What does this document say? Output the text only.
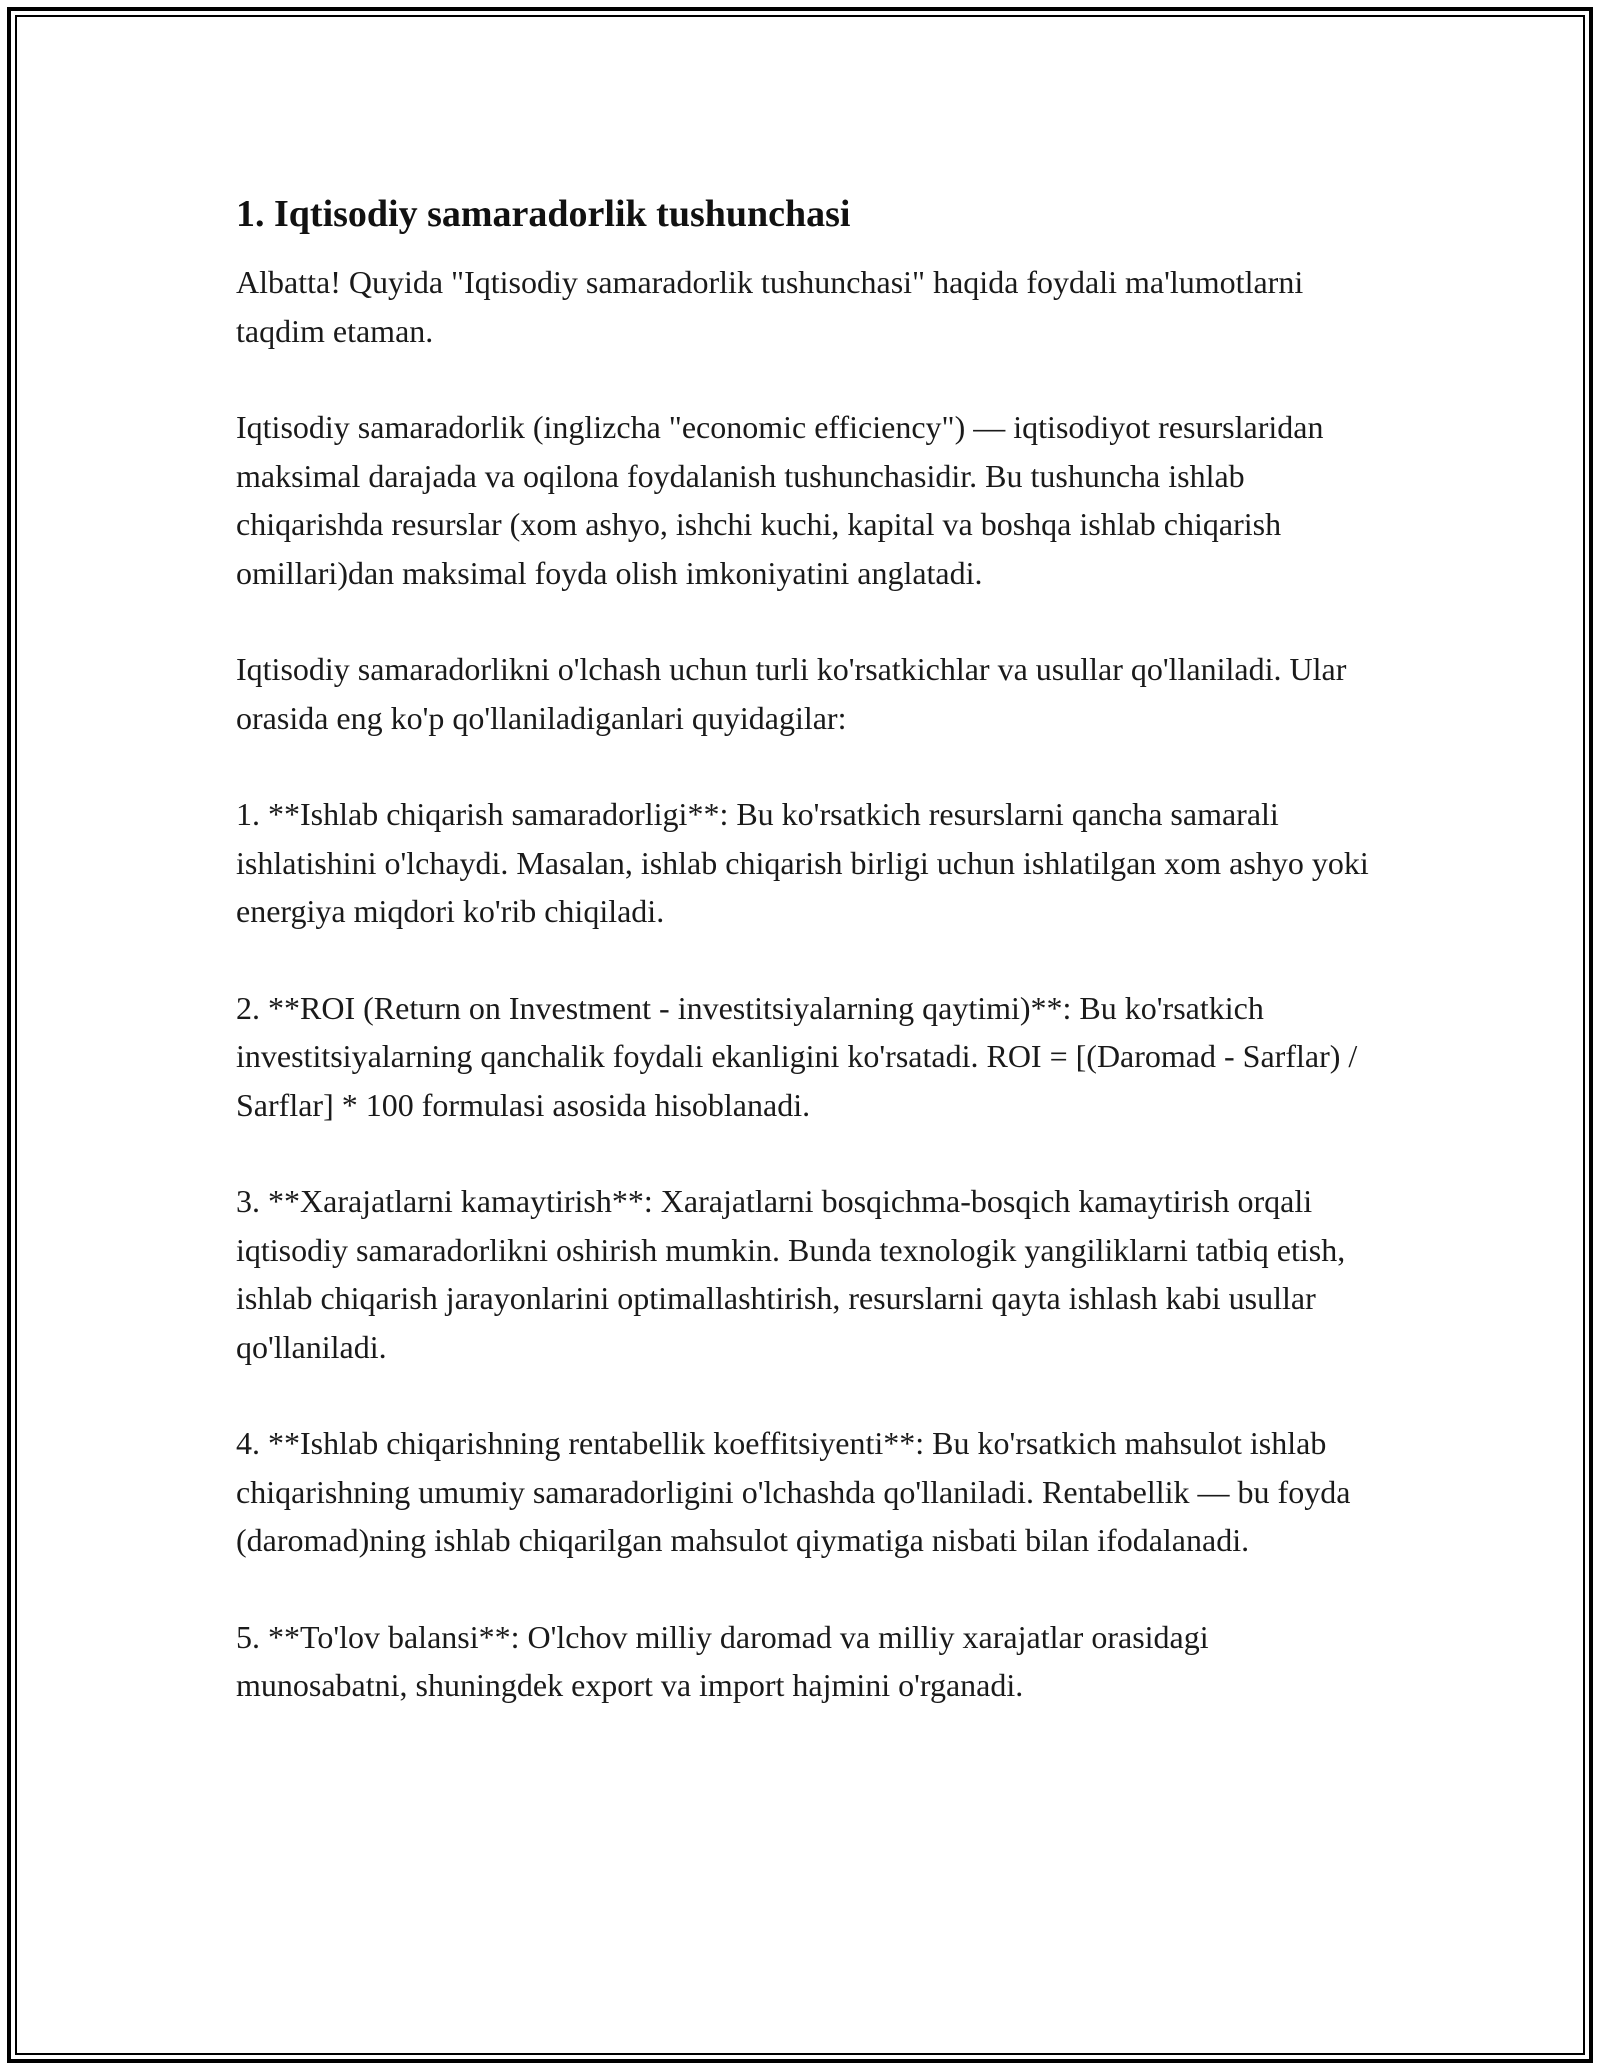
1. Iqtisodiy samaradorlik tushunchasi

Albatta! Quyida "Iqtisodiy samaradorlik tushunchasi" haqida foydali ma'lumotlarni taqdim etaman.

Iqtisodiy samaradorlik (inglizcha "economic efficiency") — iqtisodiyot resurslaridan maksimal darajada va oqilona foydalanish tushunchasidir. Bu tushuncha ishlab chiqarishda resurslar (xom ashyo, ishchi kuchi, kapital va boshqa ishlab chiqarish omillari)dan maksimal foyda olish imkoniyatini anglatadi.

Iqtisodiy samaradorlikni o'lchash uchun turli ko'rsatkichlar va usullar qo'llaniladi. Ular orasida eng ko'p qo'llaniladiganlari quyidagilar:

1. **Ishlab chiqarish samaradorligi**: Bu ko'rsatkich resurslarni qancha samarali ishlatishini o'lchaydi. Masalan, ishlab chiqarish birligi uchun ishlatilgan xom ashyo yoki energiya miqdori ko'rib chiqiladi.

2. **ROI (Return on Investment - investitsiyalarning qaytimi)**: Bu ko'rsatkich investitsiyalarning qanchalik foydali ekanligini ko'rsatadi. ROI = [(Daromad - Sarflar) / Sarflar] * 100 formulasi asosida hisoblanadi.

3. **Xarajatlarni kamaytirish**: Xarajatlarni bosqichma-bosqich kamaytirish orqali iqtisodiy samaradorlikni oshirish mumkin. Bunda texnologik yangiliklarni tatbiq etish, ishlab chiqarish jarayonlarini optimallashtirish, resurslarni qayta ishlash kabi usullar qo'llaniladi.

4. **Ishlab chiqarishning rentabellik koeffitsiyenti**: Bu ko'rsatkich mahsulot ishlab chiqarishning umumiy samaradorligini o'lchashda qo'llaniladi. Rentabellik — bu foyda (daromad)ning ishlab chiqarilgan mahsulot qiymatiga nisbati bilan ifodalanadi.

5. **To'lov balansi**: O'lchov milliy daromad va milliy xarajatlar orasidagi munosabatni, shuningdek export va import hajmini o'rganadi.
